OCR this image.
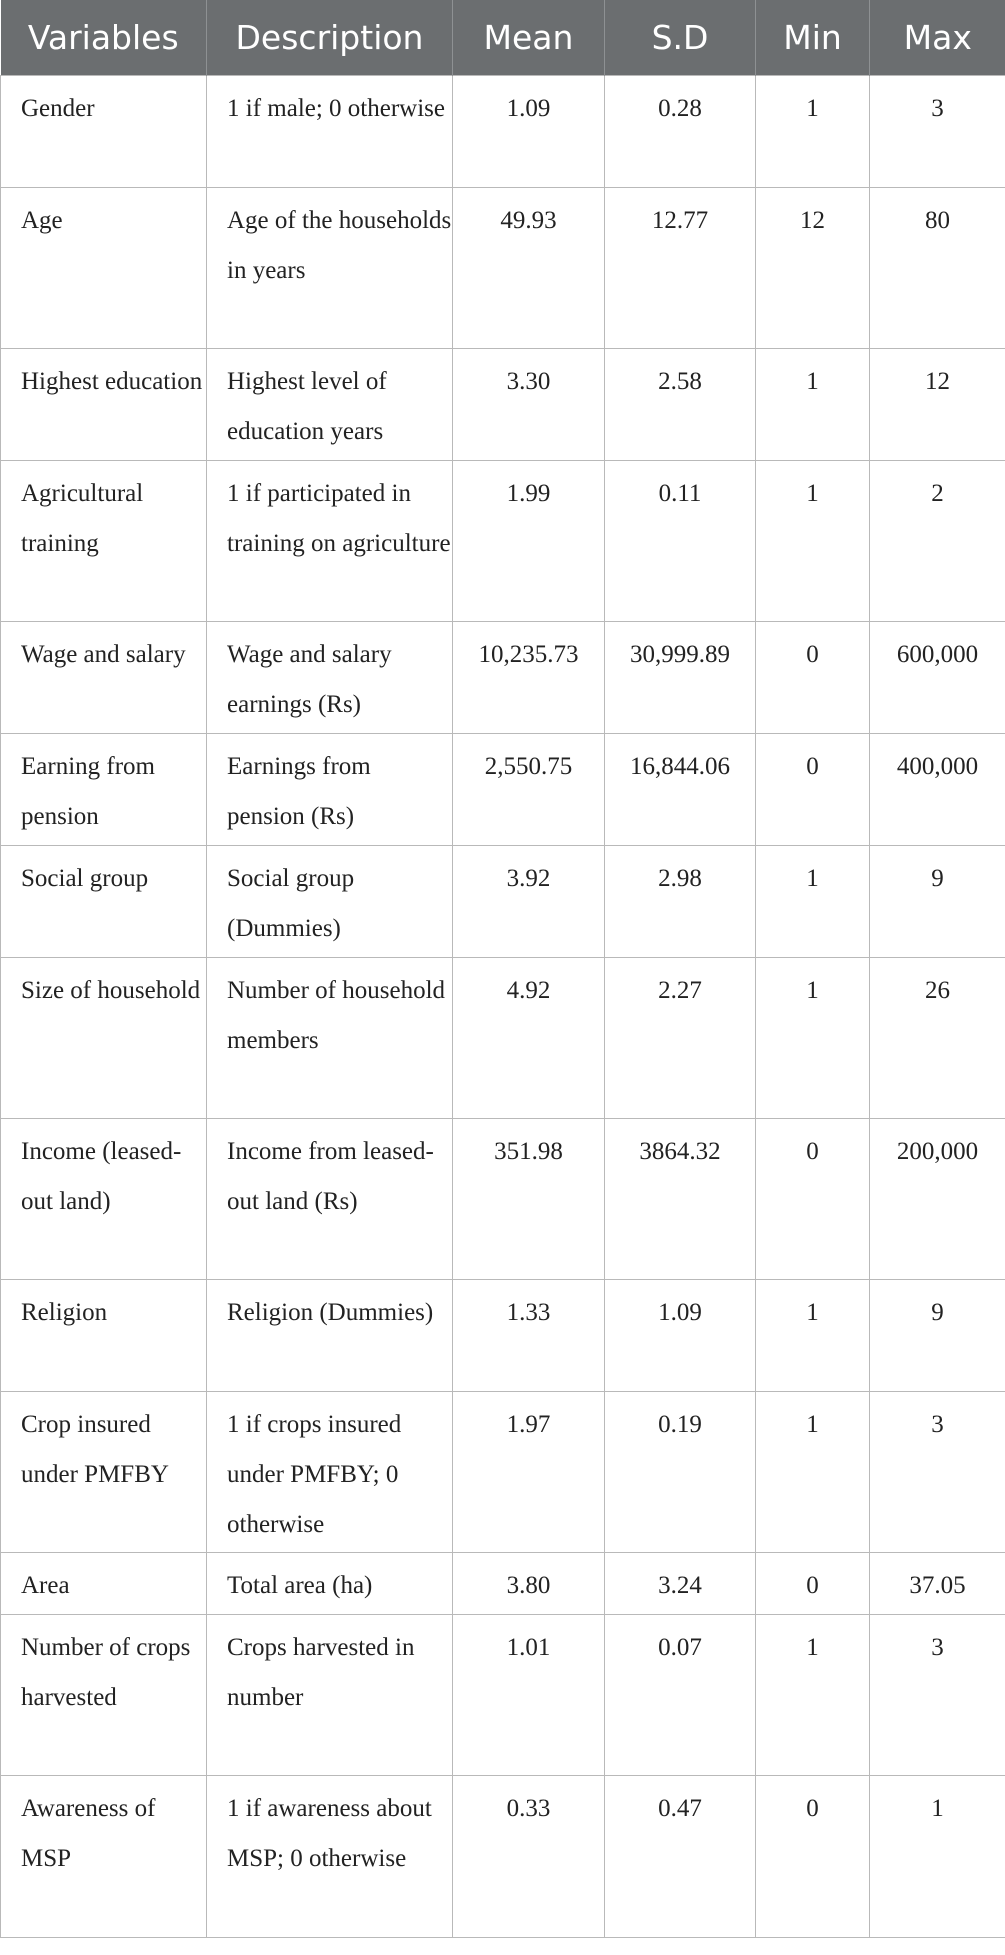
Variables	Description	Mean	S.D	Min	Max
Gender	1 if male; 0 otherwise	1.09	0.28	1	3
Age	Age of the households in years	49.93	12.77	12	80
Highest education	Highest level of education years	3.30	2.58	1	12
Agricultural training	1 if participated in training on agriculture	1.99	0.11	1	2
Wage and salary	Wage and salary earnings (Rs)	10,235.73	30,999.89	0	600,000
Earning from pension	Earnings from pension (Rs)	2,550.75	16,844.06	0	400,000
Social group	Social group (Dummies)	3.92	2.98	1	9
Size of household	Number of household members	4.92	2.27	1	26
Income (leased-out land)	Income from leased-out land (Rs)	351.98	3864.32	0	200,000
Religion	Religion (Dummies)	1.33	1.09	1	9
Crop insured under PMFBY	1 if crops insured under PMFBY; 0 otherwise	1.97	0.19	1	3
Area	Total area (ha)	3.80	3.24	0	37.05
Number of crops harvested	Crops harvested in number	1.01	0.07	1	3
Awareness of MSP	1 if awareness about MSP; 0 otherwise	0.33	0.47	0	1
